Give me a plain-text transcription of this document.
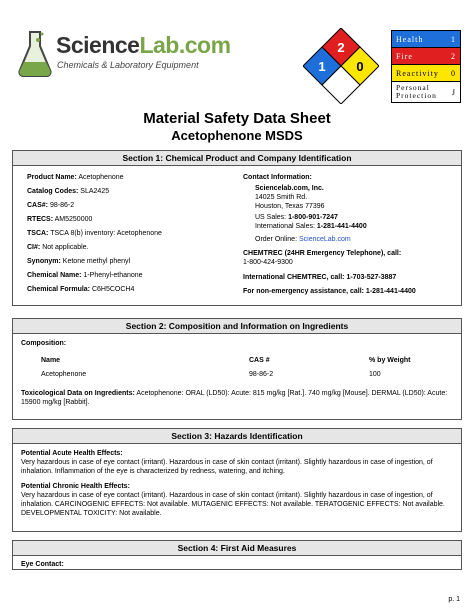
ScienceLab.com
Chemicals & Laboratory Equipment
2
1 0
Health	1
Fire	2
Reactivity 0
Personal
Protection J
Material Safety Data Sheet
Acetophenone MSDS
Section 1: Chemical Product and Company Identification
Product Name: Acetophenone
Catalog Codes: SLA2425
CAS#: 98-86-2
RTECS: AM5250000
TSCA: TSCA 8(b) inventory: Acetophenone
CI#: Not applicable.
Synonym: Ketone methyl phenyl
Chemical Name: 1-Phenyl-ethanone
Chemical Formula: C6H5COCH4
Contact Information:
Sciencelab.com, Inc.
14025 Smith Rd.
Houston, Texas 77396
US Sales: 1-800-901-7247
International Sales: 1-281-441-4400
Order Online: ScienceLab.com
CHEMTREC (24HR Emergency Telephone), call:
1-800-424-9300
International CHEMTREC, call: 1-703-527-3887
For non-emergency assistance, call: 1-281-441-4400
Section 2: Composition and Information on Ingredients
Composition:
Name	CAS #	% by Weight
Acetophenone	98-86-2	100
Toxicological Data on Ingredients: Acetophenone: ORAL (LD50): Acute: 815 mg/kg [Rat.]. 740 mg/kg [Mouse]. DERMAL (LD50): Acute: 15900 mg/kg [Rabbit].
Section 3: Hazards Identification
Potential Acute Health Effects:
Very hazardous in case of eye contact (irritant). Hazardous in case of skin contact (irritant). Slightly hazardous in case of ingestion, of inhalation. Inflammation of the eye is characterized by redness, watering, and itching.
Potential Chronic Health Effects:
Very hazardous in case of eye contact (irritant). Hazardous in case of skin contact (irritant). Slightly hazardous in case of ingestion, of inhalation. CARCINOGENIC EFFECTS: Not available. MUTAGENIC EFFECTS: Not available. TERATOGENIC EFFECTS: Not available. DEVELOPMENTAL TOXICITY: Not available.
Section 4: First Aid Measures
Eye Contact:
p. 1
